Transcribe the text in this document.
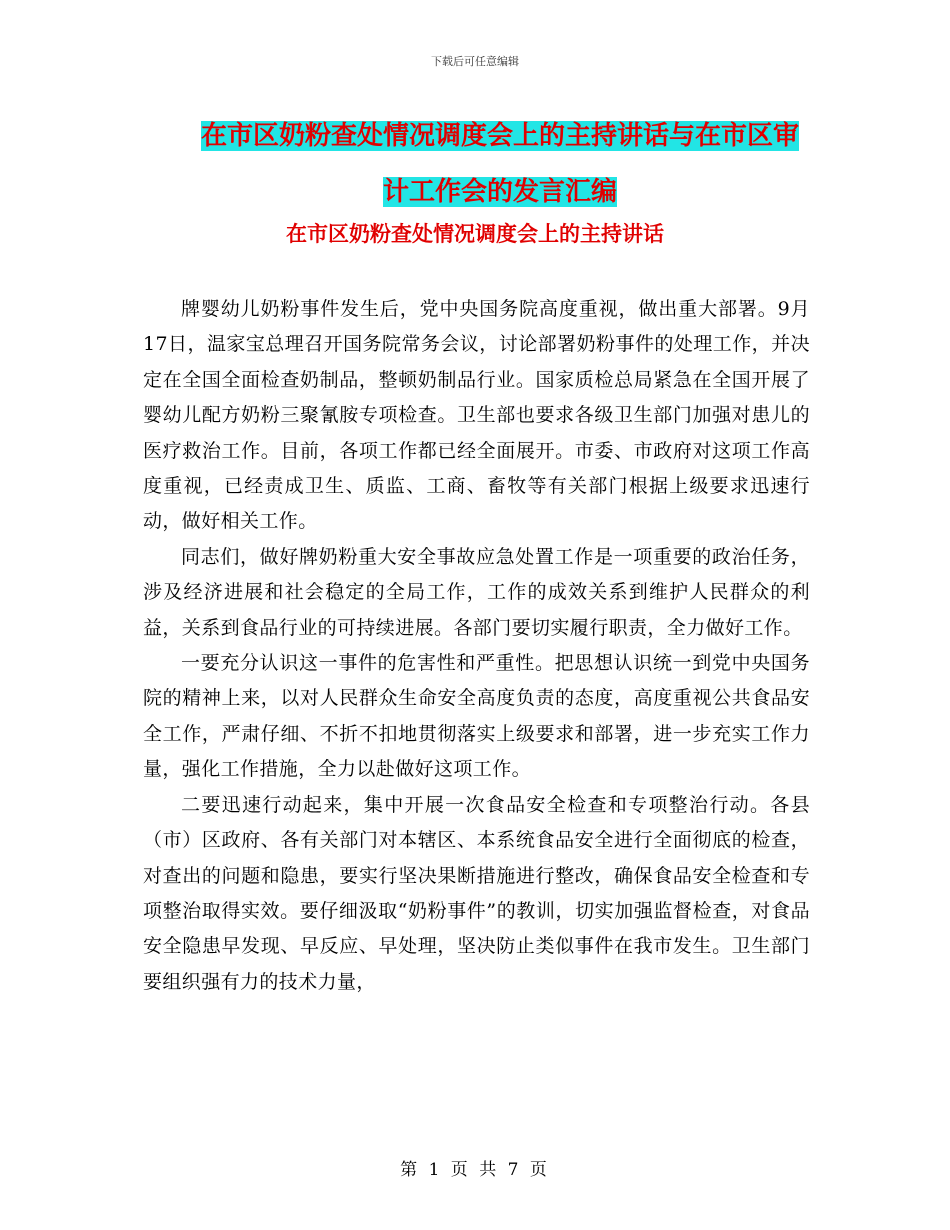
下载后可任意编辑
在市区奶粉查处情况调度会上的主持讲话与在市区审
计工作会的发言汇编
在市区奶粉查处情况调度会上的主持讲话

牌婴幼儿奶粉事件发生后，党中央国务院高度重视，做出重大部署。9月17日，温家宝总理召开国务院常务会议，讨论部署奶粉事件的处理工作，并决定在全国全面检查奶制品，整顿奶制品行业。国家质检总局紧急在全国开展了婴幼儿配方奶粉三聚氰胺专项检查。卫生部也要求各级卫生部门加强对患儿的医疗救治工作。目前，各项工作都已经全面展开。市委、市政府对这项工作高度重视，已经责成卫生、质监、工商、畜牧等有关部门根据上级要求迅速行动，做好相关工作。

同志们，做好牌奶粉重大安全事故应急处置工作是一项重要的政治任务，涉及经济进展和社会稳定的全局工作，工作的成效关系到维护人民群众的利益，关系到食品行业的可持续进展。各部门要切实履行职责，全力做好工作。

一要充分认识这一事件的危害性和严重性。把思想认识统一到党中央国务院的精神上来，以对人民群众生命安全高度负责的态度，高度重视公共食品安全工作，严肃仔细、不折不扣地贯彻落实上级要求和部署，进一步充实工作力量，强化工作措施，全力以赴做好这项工作。

二要迅速行动起来，集中开展一次食品安全检查和专项整治行动。各县（市）区政府、各有关部门对本辖区、本系统食品安全进行全面彻底的检查，对查出的问题和隐患，要实行坚决果断措施进行整改，确保食品安全检查和专项整治取得实效。要仔细汲取“奶粉事件”的教训，切实加强监督检查，对食品安全隐患早发现、早反应、早处理，坚决防止类似事件在我市发生。卫生部门要组织强有力的技术力量，

第 1 页 共 7 页
